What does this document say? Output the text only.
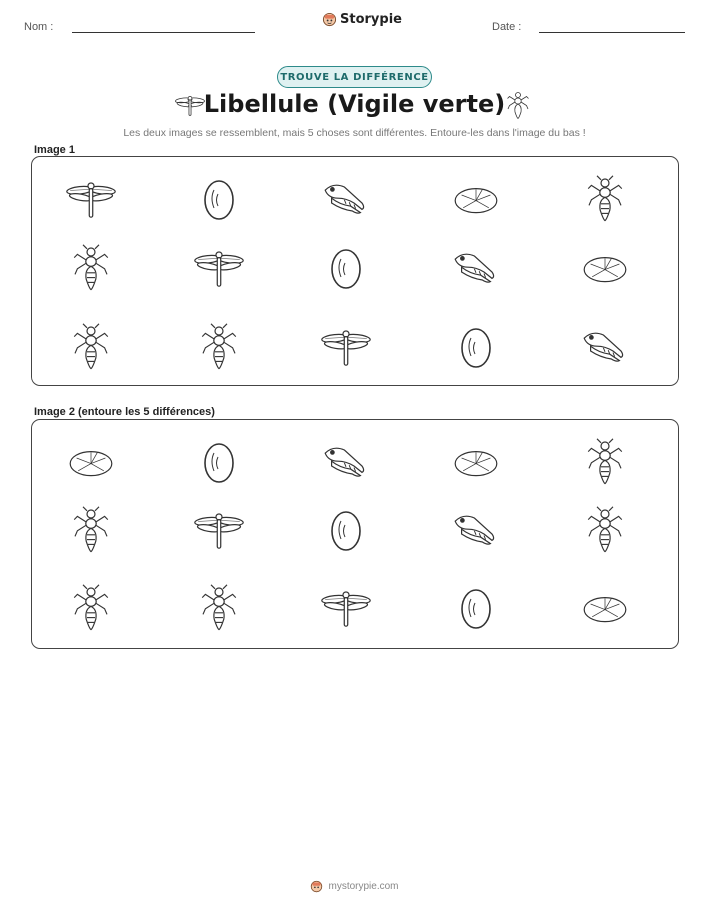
Nom :	Storypie	Date :
TROUVE LA DIFFÉRENCE
Libellule (Vigile verte)
Les deux images se ressemblent, mais 5 choses sont différentes. Entoure-les dans l'image du bas !
Image 1
Image 2 (entoure les 5 différences)
mystorypie.com
